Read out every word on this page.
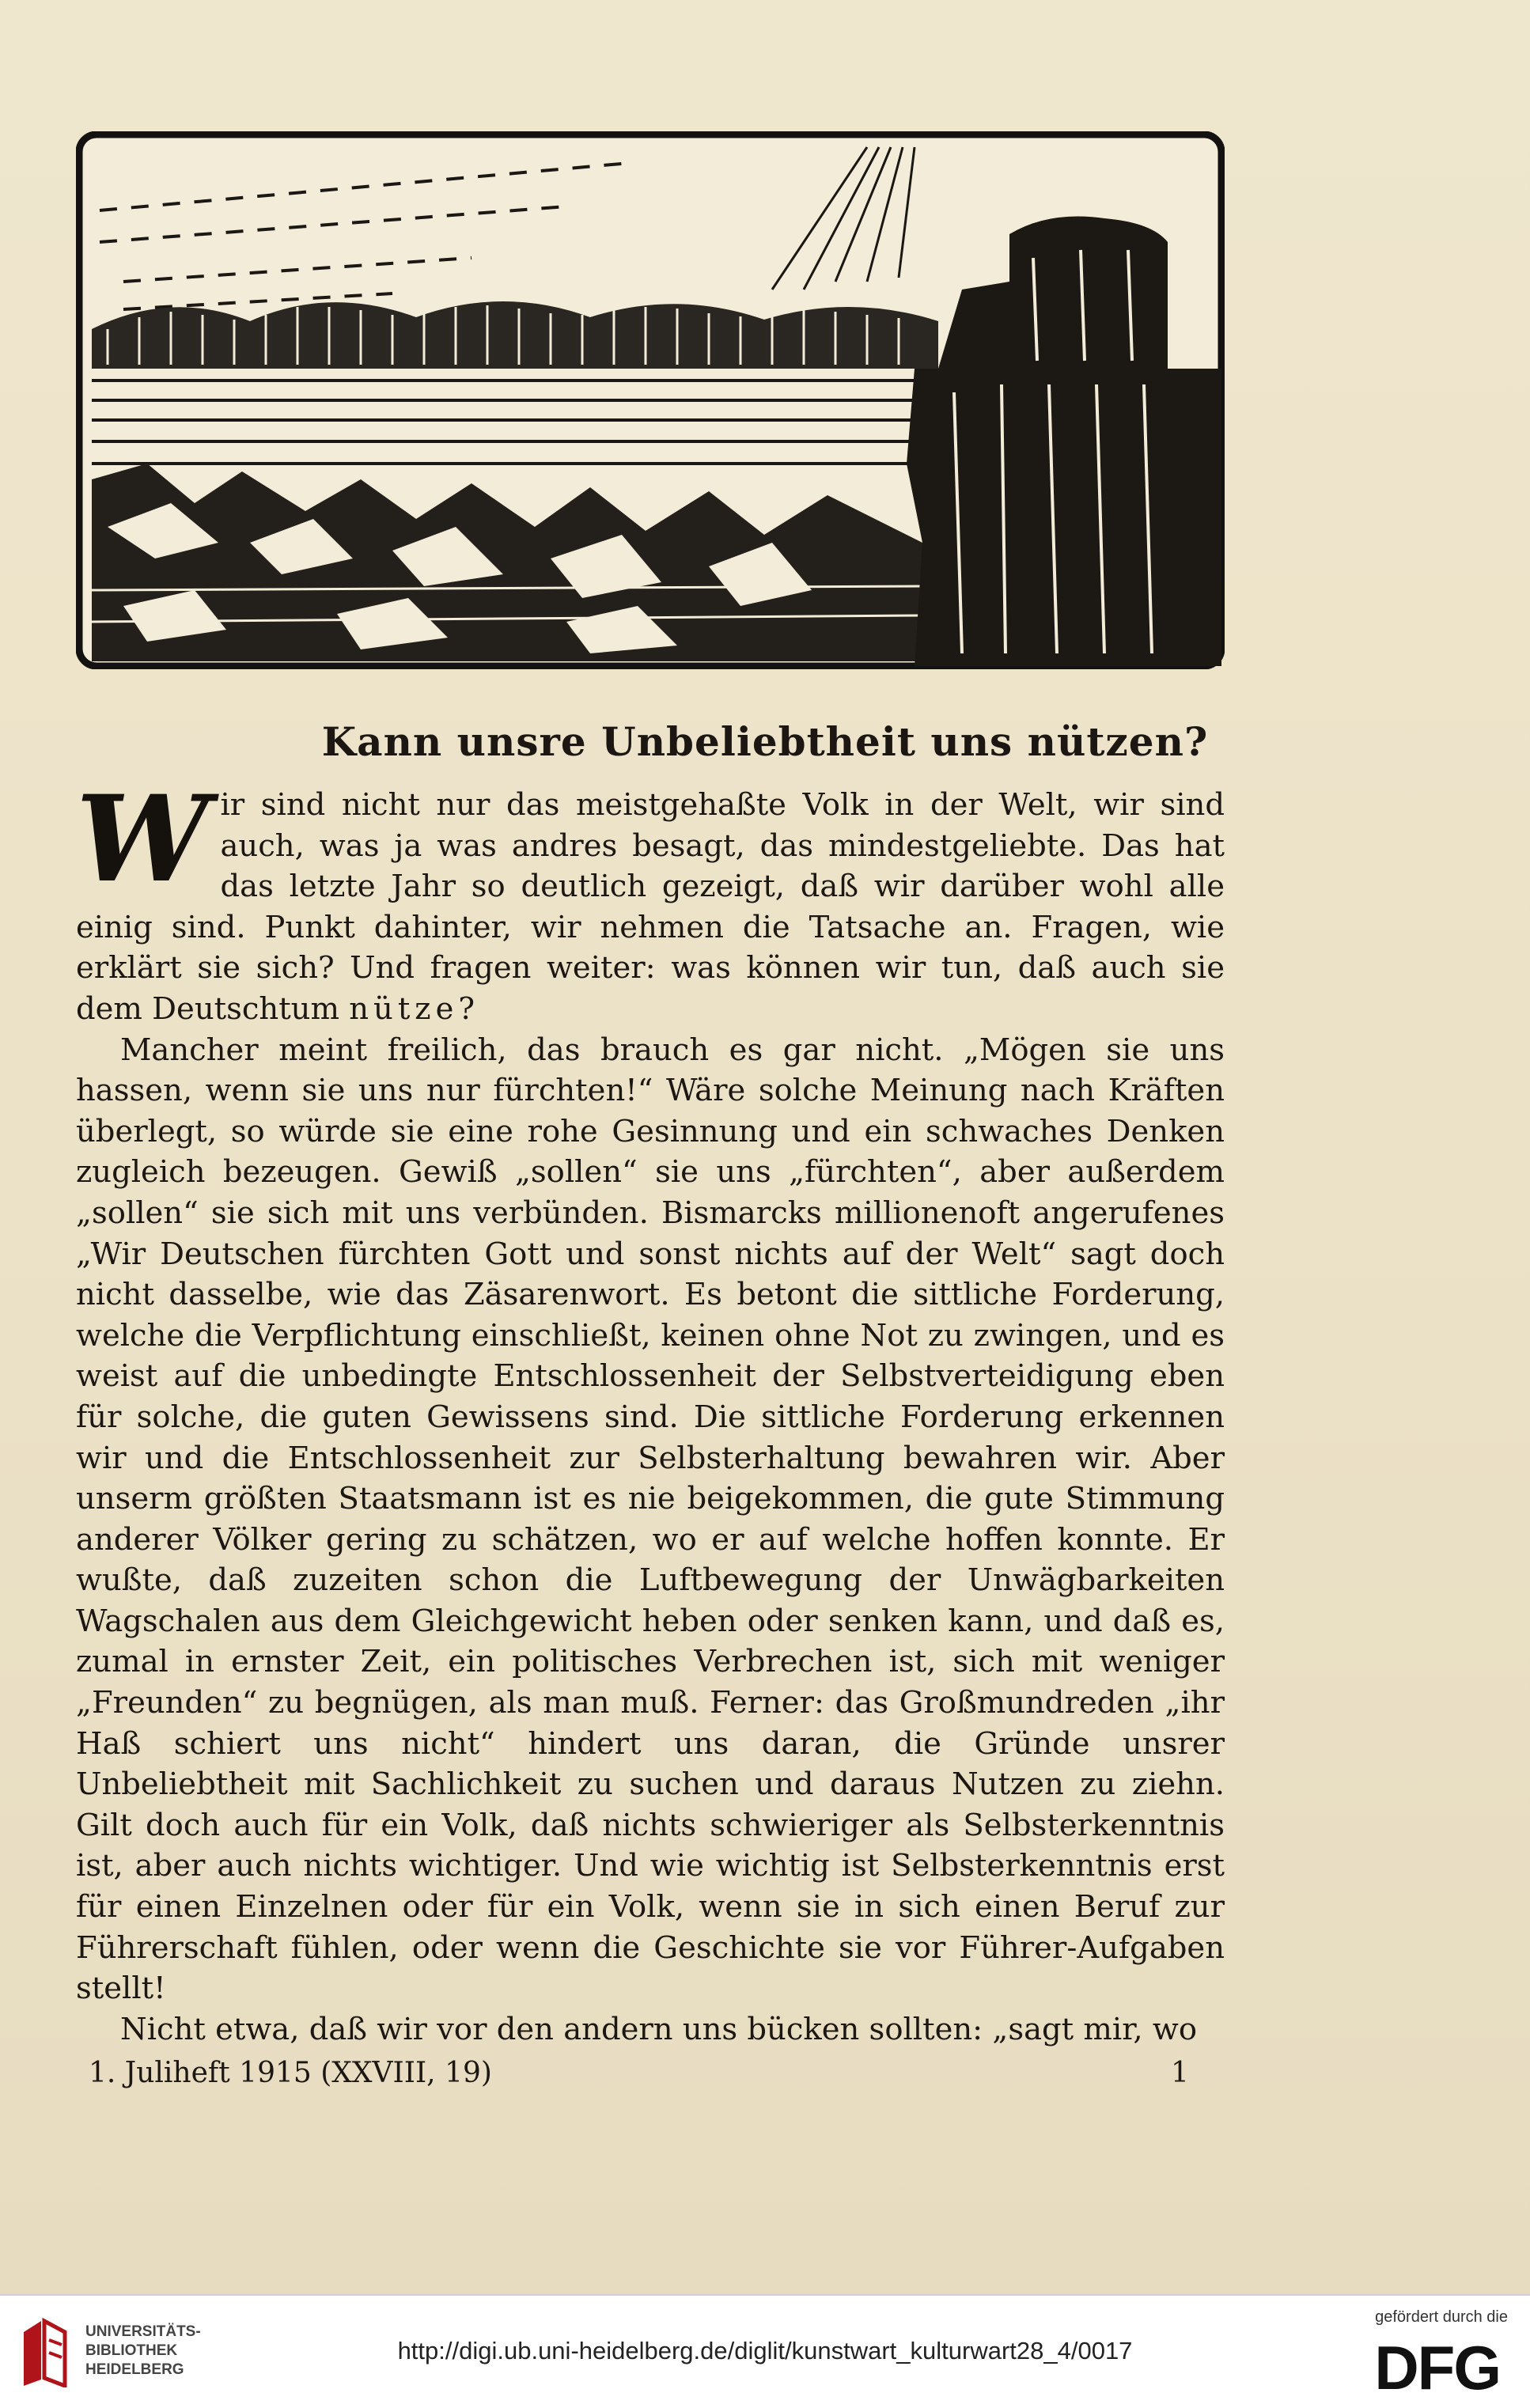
Kann unsre Unbeliebtheit uns nützen?

Wir sind nicht nur das meistgehaßte Volk in der Welt, wir sind auch, was ja was andres besagt, das mindestgeliebte. Das hat das letzte Jahr so deutlich gezeigt, daß wir darüber wohl alle einig sind. Punkt dahinter, wir nehmen die Tatsache an. Fragen, wie erklärt sie sich? Und fragen weiter: was können wir tun, daß auch sie dem Deutschtum nütze?

Mancher meint freilich, das brauch es gar nicht. „Mögen sie uns hassen, wenn sie uns nur fürchten!“ Wäre solche Meinung nach Kräften überlegt, so würde sie eine rohe Gesinnung und ein schwaches Denken zugleich bezeugen. Gewiß „sollen“ sie uns „fürchten“, aber außerdem „sollen“ sie sich mit uns verbünden. Bismarcks millionenoft angerufenes „Wir Deutschen fürchten Gott und sonst nichts auf der Welt“ sagt doch nicht dasselbe, wie das Zäsarenwort. Es betont die sittliche Forderung, welche die Verpflichtung einschließt, keinen ohne Not zu zwingen, und es weist auf die unbedingte Entschlossenheit der Selbstverteidigung eben für solche, die guten Gewissens sind. Die sittliche Forderung erkennen wir und die Entschlossenheit zur Selbsterhaltung bewahren wir. Aber unserm größten Staatsmann ist es nie beigekommen, die gute Stimmung anderer Völker gering zu schätzen, wo er auf welche hoffen konnte. Er wußte, daß zuzeiten schon die Luftbewegung der Unwägbarkeiten Wagschalen aus dem Gleichgewicht heben oder senken kann, und daß es, zumal in ernster Zeit, ein politisches Verbrechen ist, sich mit weniger „Freunden“ zu begnügen, als man muß. Ferner: das Großmundreden „ihr Haß schiert uns nicht“ hindert uns daran, die Gründe unsrer Unbeliebtheit mit Sachlichkeit zu suchen und daraus Nutzen zu ziehn. Gilt doch auch für ein Volk, daß nichts schwieriger als Selbsterkenntnis ist, aber auch nichts wichtiger. Und wie wichtig ist Selbsterkenntnis erst für einen Einzelnen oder für ein Volk, wenn sie in sich einen Beruf zur Führerschaft fühlen, oder wenn die Geschichte sie vor Führer-Aufgaben stellt!

Nicht etwa, daß wir vor den andern uns bücken sollten: „sagt mir, wo

1. Juliheft 1915 (XXVIII, 19)	1
UNIVERSITÄTS-
BIBLIOTHEK
HEIDELBERG
http://digi.ub.uni-heidelberg.de/diglit/kunstwart_kulturwart28_4/0017
gefördert durch die
DFG
